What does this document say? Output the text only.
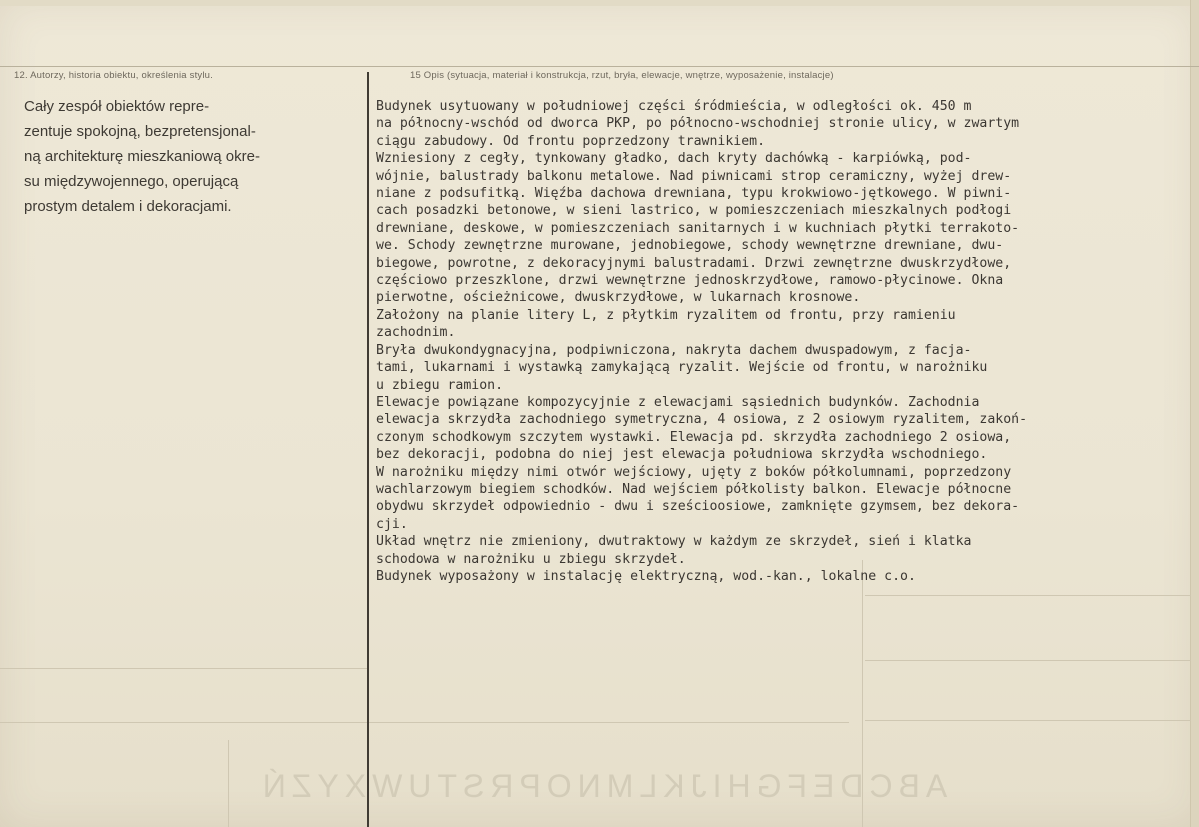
12. Autorzy, historia obiektu, określenia stylu.	15 Opis (sytuacja, materiał i konstrukcja, rzut, bryła, elewacje, wnętrze, wyposażenie, instalacje)
Cały zespół obiektów repre-
zentuje spokojną, bezpretensjonal-
ną architekturę mieszkaniową okre-
su międzywojennego, operującą
prostym detalem i dekoracjami.
Budynek usytuowany w południowej części śródmieścia, w odległości ok. 450 m
na północny-wschód od dworca PKP, po północno-wschodniej stronie ulicy, w zwartym
ciągu zabudowy. Od frontu poprzedzony trawnikiem.
Wzniesiony z cegły, tynkowany gładko, dach kryty dachówką - karpiówką, pod-
wójnie, balustrady balkonu metalowe. Nad piwnicami strop ceramiczny, wyżej drew-
niane z podsufitką. Więźba dachowa drewniana, typu krokwiowo-jętkowego. W piwni-
cach posadzki betonowe, w sieni lastrico, w pomieszczeniach mieszkalnych podłogi
drewniane, deskowe, w pomieszczeniach sanitarnych i w kuchniach płytki terrakoto-
we. Schody zewnętrzne murowane, jednobiegowe, schody wewnętrzne drewniane, dwu-
biegowe, powrotne, z dekoracyjnymi balustradami. Drzwi zewnętrzne dwuskrzydłowe,
częściowo przeszklone, drzwi wewnętrzne jednoskrzydłowe, ramowo-płycinowe. Okna
pierwotne, ościeżnicowe, dwuskrzydłowe, w lukarnach krosnowe.
Założony na planie litery L, z płytkim ryzalitem od frontu, przy ramieniu
zachodnim.
Bryła dwukondygnacyjna, podpiwniczona, nakryta dachem dwuspadowym, z facja-
tami, lukarnami i wystawką zamykającą ryzalit. Wejście od frontu, w narożniku
u zbiegu ramion.
Elewacje powiązane kompozycyjnie z elewacjami sąsiednich budynków. Zachodnia
elewacja skrzydła zachodniego symetryczna, 4 osiowa, z 2 osiowym ryzalitem, zakoń-
czonym schodkowym szczytem wystawki. Elewacja pd. skrzydła zachodniego 2 osiowa,
bez dekoracji, podobna do niej jest elewacja południowa skrzydła wschodniego.
W narożniku między nimi otwór wejściowy, ujęty z boków półkolumnami, poprzedzony
wachlarzowym biegiem schodków. Nad wejściem półkolisty balkon. Elewacje północne
obydwu skrzydeł odpowiednio - dwu i sześcioosiowe, zamknięte gzymsem, bez dekora-
cji.
Układ wnętrz nie zmieniony, dwutraktowy w każdym ze skrzydeł, sień i klatka
schodowa w narożniku u zbiegu skrzydeł.
Budynek wyposażony w instalację elektryczną, wod.-kan., lokalne c.o.
ABCDEFGHIJKLMNOPRSTUWXYZŃ
